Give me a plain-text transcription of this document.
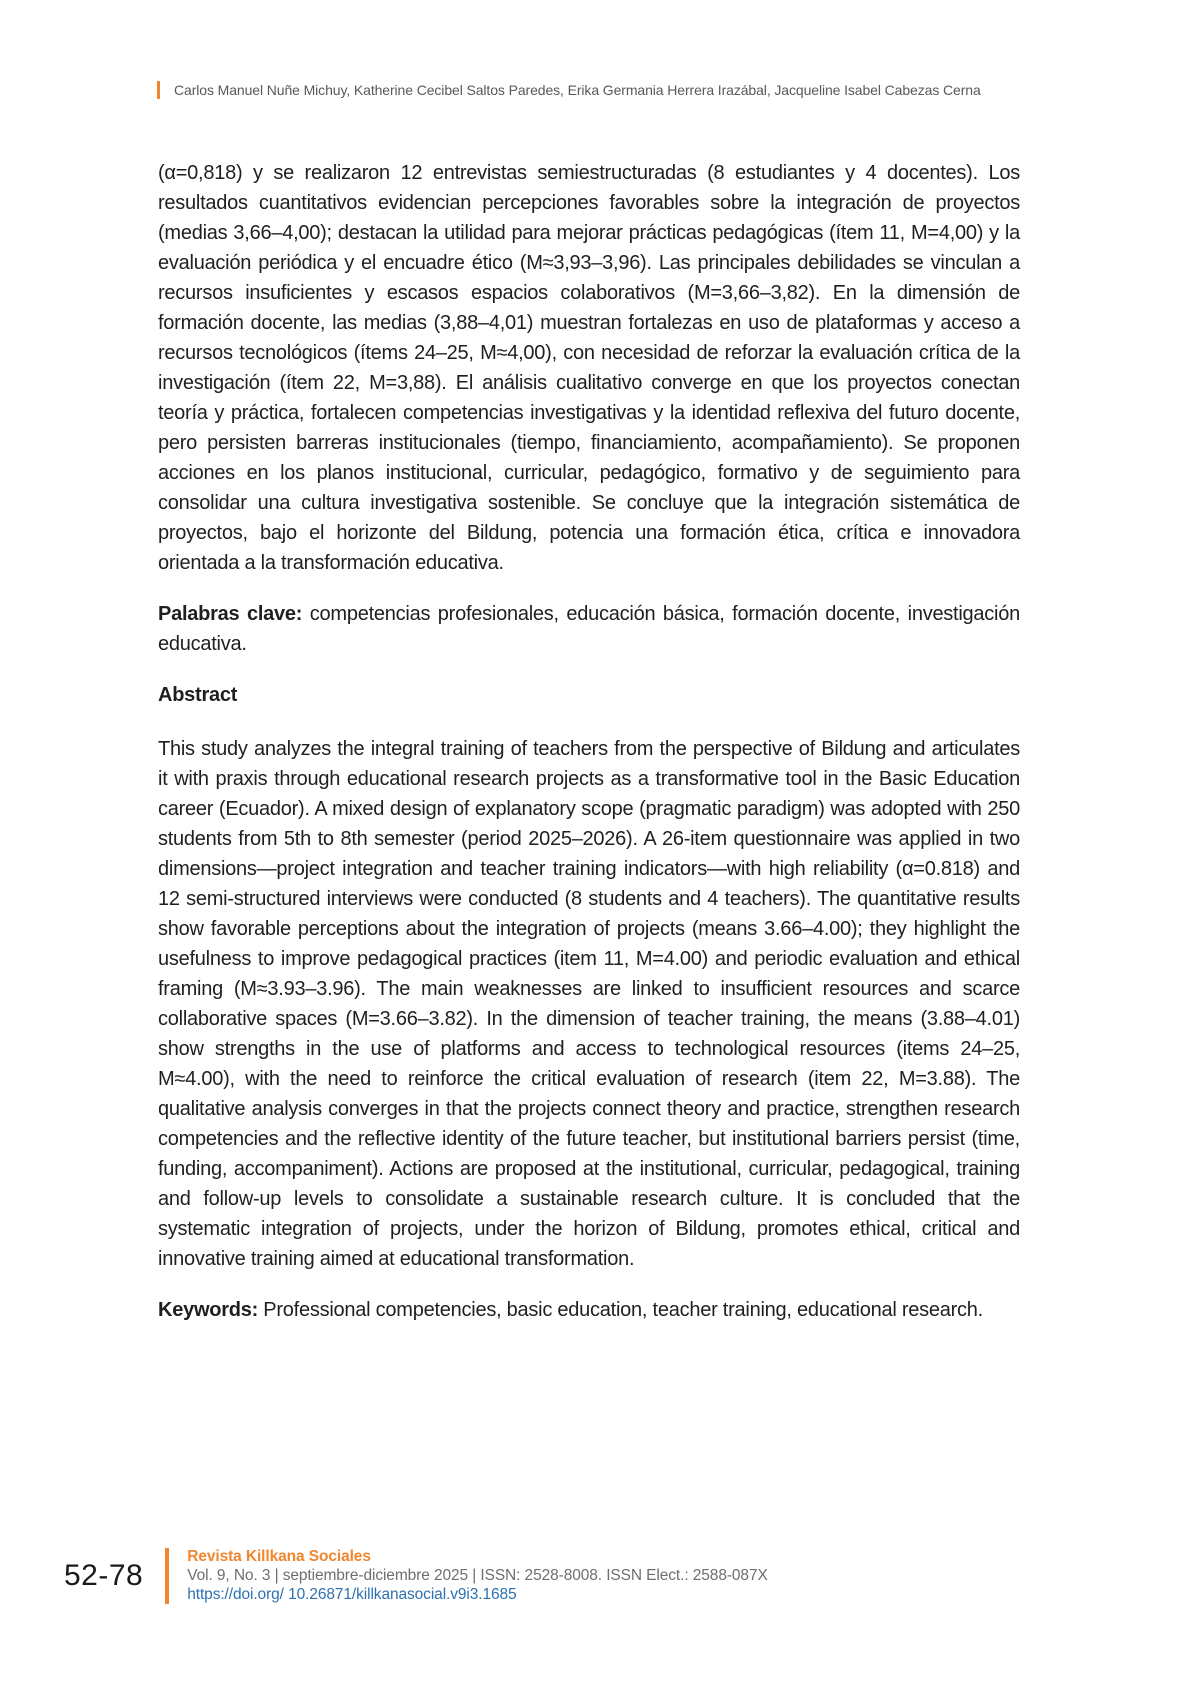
Carlos Manuel Nuñe Michuy, Katherine Cecibel Saltos Paredes, Erika Germania Herrera Irazábal, Jacqueline Isabel Cabezas Cerna

(α=0,818) y se realizaron 12 entrevistas semiestructuradas (8 estudiantes y 4 docentes). Los resultados cuantitativos evidencian percepciones favorables sobre la integración de proyectos (medias 3,66–4,00); destacan la utilidad para mejorar prácticas pedagógicas (ítem 11, M=4,00) y la evaluación periódica y el encuadre ético (M≈3,93–3,96). Las principales debilidades se vinculan a recursos insuficientes y escasos espacios colaborativos (M=3,66–3,82). En la dimensión de formación docente, las medias (3,88–4,01) muestran fortalezas en uso de plataformas y acceso a recursos tecnológicos (ítems 24–25, M≈4,00), con necesidad de reforzar la evaluación crítica de la investigación (ítem 22, M=3,88). El análisis cualitativo converge en que los proyectos conectan teoría y práctica, fortalecen competencias investigativas y la identidad reflexiva del futuro docente, pero persisten barreras institucionales (tiempo, financiamiento, acompañamiento). Se proponen acciones en los planos institucional, curricular, pedagógico, formativo y de seguimiento para consolidar una cultura investigativa sostenible. Se concluye que la integración sistemática de proyectos, bajo el horizonte del Bildung, potencia una formación ética, crítica e innovadora orientada a la transformación educativa.

Palabras clave: competencias profesionales, educación básica, formación docente, investigación educativa.

Abstract

This study analyzes the integral training of teachers from the perspective of Bildung and articulates it with praxis through educational research projects as a transformative tool in the Basic Education career (Ecuador). A mixed design of explanatory scope (pragmatic paradigm) was adopted with 250 students from 5th to 8th semester (period 2025–2026). A 26-item questionnaire was applied in two dimensions—project integration and teacher training indicators—with high reliability (α=0.818) and 12 semi-structured interviews were conducted (8 students and 4 teachers). The quantitative results show favorable perceptions about the integration of projects (means 3.66–4.00); they highlight the usefulness to improve pedagogical practices (item 11, M=4.00) and periodic evaluation and ethical framing (M≈3.93–3.96). The main weaknesses are linked to insufficient resources and scarce collaborative spaces (M=3.66–3.82). In the dimension of teacher training, the means (3.88–4.01) show strengths in the use of platforms and access to technological resources (items 24–25, M≈4.00), with the need to reinforce the critical evaluation of research (item 22, M=3.88). The qualitative analysis converges in that the projects connect theory and practice, strengthen research competencies and the reflective identity of the future teacher, but institutional barriers persist (time, funding, accompaniment). Actions are proposed at the institutional, curricular, pedagogical, training and follow-up levels to consolidate a sustainable research culture. It is concluded that the systematic integration of projects, under the horizon of Bildung, promotes ethical, critical and innovative training aimed at educational transformation.

Keywords: Professional competencies, basic education, teacher training, educational research.

52-78
Revista Killkana Sociales
Vol. 9, No. 3 | septiembre-diciembre 2025 | ISSN: 2528-8008. ISSN Elect.: 2588-087X
https://doi.org/ 10.26871/killkanasocial.v9i3.1685
